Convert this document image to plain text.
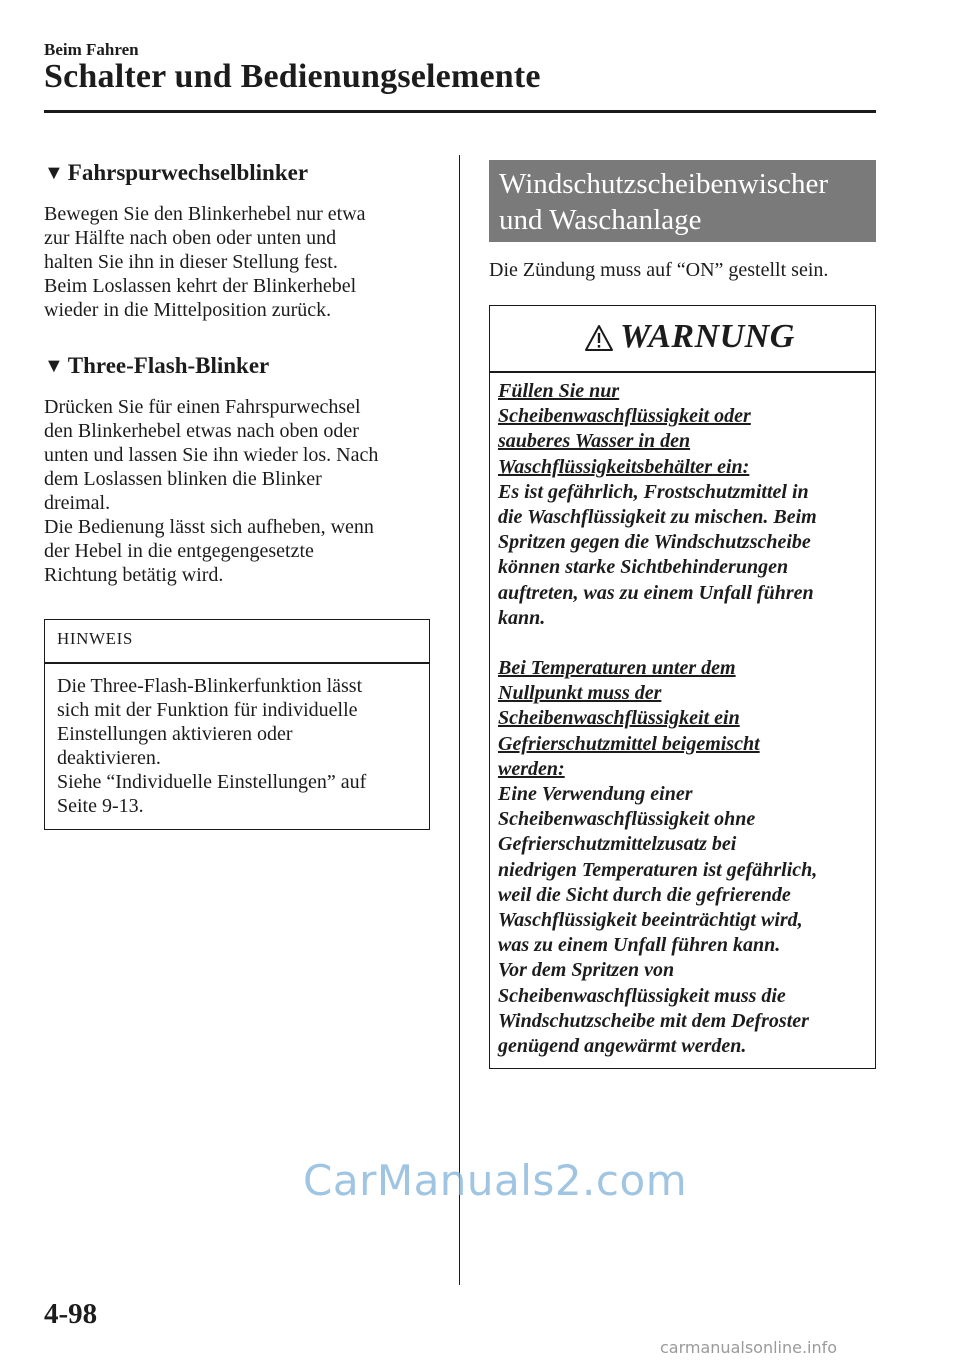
Beim Fahren
Schalter und Bedienungselemente
▼ Fahrspurwechselblinker
Bewegen Sie den Blinkerhebel nur etwa
zur Hälfte nach oben oder unten und
halten Sie ihn in dieser Stellung fest.
Beim Loslassen kehrt der Blinkerhebel
wieder in die Mittelposition zurück.
▼ Three-Flash-Blinker
Drücken Sie für einen Fahrspurwechsel
den Blinkerhebel etwas nach oben oder
unten und lassen Sie ihn wieder los. Nach
dem Loslassen blinken die Blinker
dreimal.
Die Bedienung lässt sich aufheben, wenn
der Hebel in die entgegengesetzte
Richtung betätig wird.
HINWEIS
Die Three-Flash-Blinkerfunktion lässt
sich mit der Funktion für individuelle
Einstellungen aktivieren oder
deaktivieren.
Siehe “Individuelle Einstellungen” auf
Seite 9-13.
Windschutzscheibenwischer
und Waschanlage
Die Zündung muss auf “ON” gestellt sein.
WARNUNG
Füllen Sie nur
Scheibenwaschflüssigkeit oder
sauberes Wasser in den
Waschflüssigkeitsbehälter ein:
Es ist gefährlich, Frostschutzmittel in
die Waschflüssigkeit zu mischen. Beim
Spritzen gegen die Windschutzscheibe
können starke Sichtbehinderungen
auftreten, was zu einem Unfall führen
kann.
Bei Temperaturen unter dem
Nullpunkt muss der
Scheibenwaschflüssigkeit ein
Gefrierschutzmittel beigemischt
werden:
Eine Verwendung einer
Scheibenwaschflüssigkeit ohne
Gefrierschutzmittelzusatz bei
niedrigen Temperaturen ist gefährlich,
weil die Sicht durch die gefrierende
Waschflüssigkeit beeinträchtigt wird,
was zu einem Unfall führen kann.
Vor dem Spritzen von
Scheibenwaschflüssigkeit muss die
Windschutzscheibe mit dem Defroster
genügend angewärmt werden.
CarManuals2.com
4-98
carmanualsonline.info
